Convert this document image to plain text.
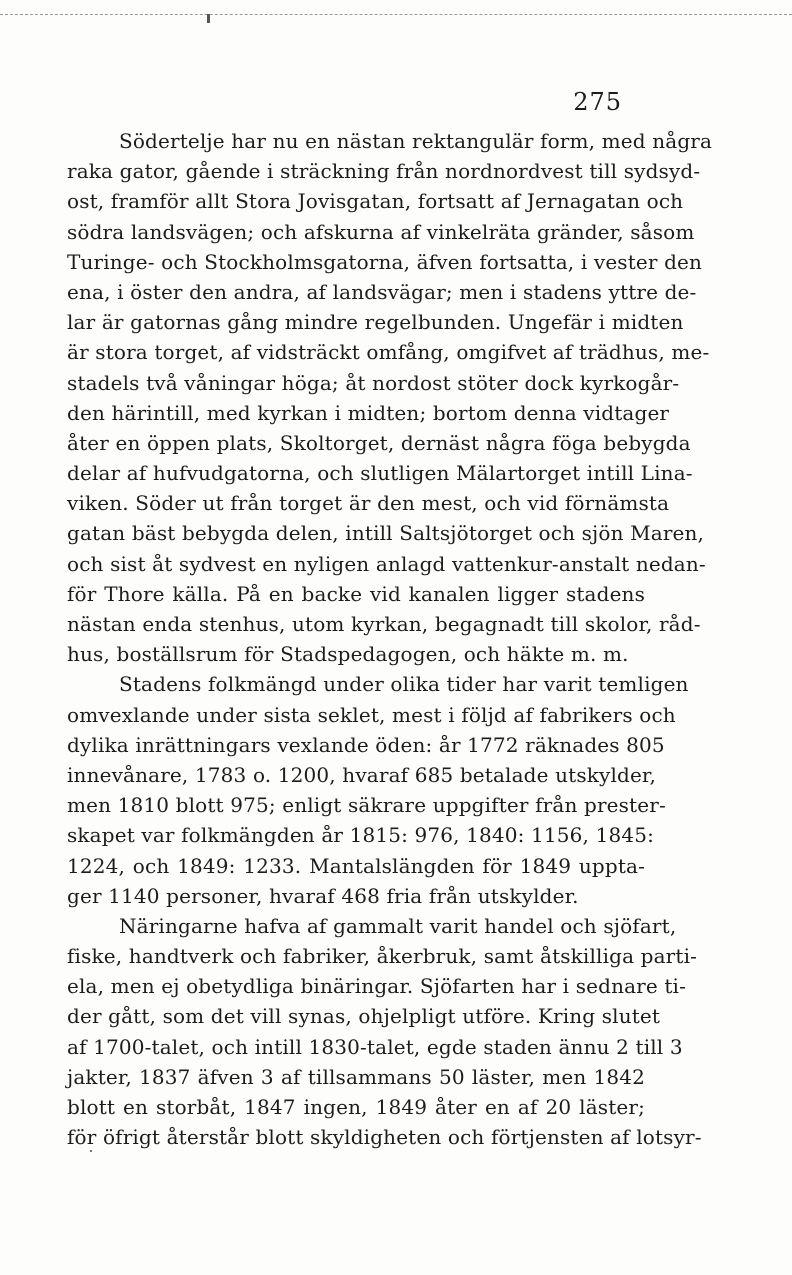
275
Södertelje har nu en nästan rektangulär form, med några
raka gator, gående i sträckning från nordnordvest till sydsyd-
ost, framför allt Stora Jovisgatan, fortsatt af Jernagatan och
södra landsvägen; och afskurna af vinkelräta gränder, såsom
Turinge- och Stockholmsgatorna, äfven fortsatta, i vester den
ena, i öster den andra, af landsvägar; men i stadens yttre de-
lar är gatornas gång mindre regelbunden. Ungefär i midten
är stora torget, af vidsträckt omfång, omgifvet af trädhus, me-
stadels två våningar höga; åt nordost stöter dock kyrkogår-
den härintill, med kyrkan i midten; bortom denna vidtager
åter en öppen plats, Skoltorget, dernäst några föga bebygda
delar af hufvudgatorna, och slutligen Mälartorget intill Lina-
viken. Söder ut från torget är den mest, och vid förnämsta
gatan bäst bebygda delen, intill Saltsjötorget och sjön Maren,
och sist åt sydvest en nyligen anlagd vattenkur-anstalt nedan-
för Thore källa. På en backe vid kanalen ligger stadens
nästan enda stenhus, utom kyrkan, begagnadt till skolor, råd-
hus, boställsrum för Stadspedagogen, och häkte m. m.
Stadens folkmängd under olika tider har varit temligen
omvexlande under sista seklet, mest i följd af fabrikers och
dylika inrättningars vexlande öden: år 1772 räknades 805
innevånare, 1783 o. 1200, hvaraf 685 betalade utskylder,
men 1810 blott 975; enligt säkrare uppgifter från prester-
skapet var folkmängden år 1815: 976, 1840: 1156, 1845:
1224, och 1849: 1233. Mantalslängden för 1849 uppta-
ger 1140 personer, hvaraf 468 fria från utskylder.
Näringarne hafva af gammalt varit handel och sjöfart,
fiske, handtverk och fabriker, åkerbruk, samt åtskilliga parti-
ela, men ej obetydliga binäringar. Sjöfarten har i sednare ti-
der gått, som det vill synas, ohjelpligt utföre. Kring slutet
af 1700-talet, och intill 1830-talet, egde staden ännu 2 till 3
jakter, 1837 äfven 3 af tillsammans 50 läster, men 1842
blott en storbåt, 1847 ingen, 1849 åter en af 20 läster;
för öfrigt återstår blott skyldigheten och förtjensten af lotsyr-
